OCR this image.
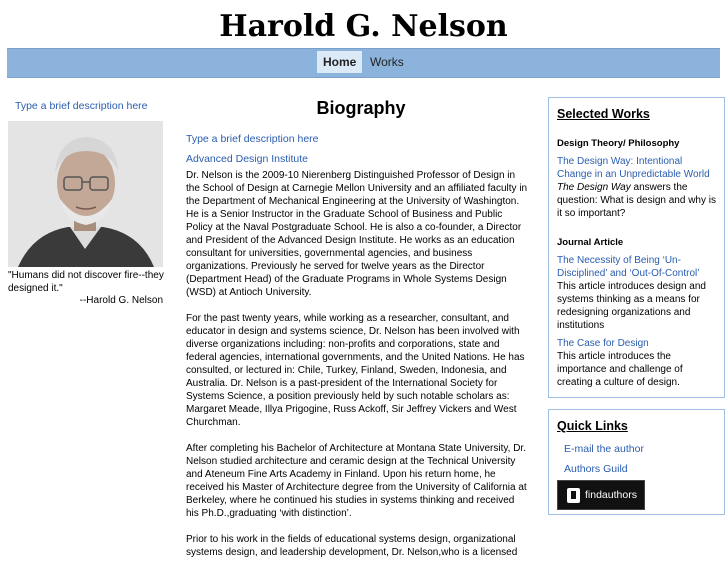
Harold G. Nelson
Home	Works
Type a brief description here
"Humans did not discover fire--they designed it."
--Harold G. Nelson
Biography
Type a brief description here
Advanced Design Institute

Dr. Nelson is the 2009-10 Nierenberg Distinguished Professor of Design in the School of Design at Carnegie Mellon University and an affiliated faculty in the Department of Mechanical Engineering at the University of Washington. He is a Senior Instructor in the Graduate School of Business and Public Policy at the Naval Postgraduate School. He is also a co-founder, a Director and President of the Advanced Design Institute. He works as an education consultant for universities, governmental agencies, and business organizations. Previously he served for twelve years as the Director (Department Head) of the Graduate Programs in Whole Systems Design (WSD) at Antioch University.

For the past twenty years, while working as a researcher, consultant, and educator in design and systems science, Dr. Nelson has been involved with diverse organizations including: non-profits and corporations, state and federal agencies, international governments, and the United Nations. He has consulted, or lectured in: Chile, Turkey, Finland, Sweden, Indonesia, and Australia. Dr. Nelson is a past-president of the International Society for Systems Science, a position previously held by such notable scholars as: Margaret Meade, Illya Prigogine, Russ Ackoff, Sir Jeffrey Vickers and West Churchman.

After completing his Bachelor of Architecture at Montana State University, Dr. Nelson studied architecture and ceramic design at the Technical University and Ateneum Fine Arts Academy in Finland. Upon his return home, he received his Master of Architecture degree from the University of California at Berkeley, where he continued his studies in systems thinking and received his Ph.D.,graduating ‘with distinction’.

Prior to his work in the fields of educational systems design, organizational systems design, and leadership development, Dr. Nelson,who is a licensed

Selected Works
Design Theory/ Philosophy
The Design Way: Intentional Change in an Unpredictable World
The Design Way answers the question: What is design and why is it so important?
Journal Article
The Necessity of Being ‘Un-Disciplined’ and ‘Out-Of-Control’
This article introduces design and systems thinking as a means for redesigning organizations and institutions
The Case for Design
This article introduces the importance and challenge of creating a culture of design.
Quick Links
E-mail the author
Authors Guild
findauthors
